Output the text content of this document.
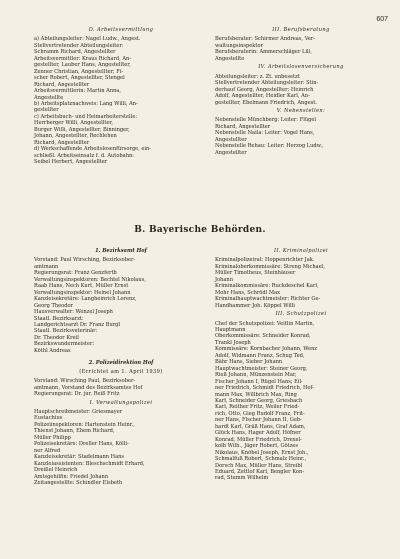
607
D. Arbeitsvermittlung
a) Abteilungsleiter: Nagel Ludw., Angest.
Stellvertretender Abteilungsleiter:
Schramm Richard, Angestellter
Arbeitsvermittler: Kraus Richard, An-
gestellter, Lauber Hans, Angestellter,
Zenner Christian, Angestellter; Fi-
scher Robert, Angestellter, Stengel
Richard, Angestellter
Arbeitsvermittlerin: Martin Anna,
Angestellte
b) Arbeitsplatznachweis: Lang Willi, An-
gestellter
c) Arbeitsbuch- und Heimarbeiterstelle:
Herrberger Willi, Angestellter,
Burger Willi, Angestellter, Binninger,
Johann, Angestellter, Rechlehen
Richard, Angestellter
d) Werkschaffende Arbeitslosenfürsorge, ein-
schließl. Arbeitseinsatz f. d. Autobahn:
Seibel Herbert, Angestellter
III. Berufsberatung
Berufsberater: Schirmer Andreas, Ver-
waltungsinspektor
Berufsberaterin: Ammerschläger Lili,
Angestellte
IV. Arbeitslosenversicherung
Abteilungsleiter: z. Zt. unbesetzt
Stellvertretender Abteilungsleiter: Stin-
derhauf Georg, Angestellter; Heinrich
Adolf, Angestellter, Heidler Karl, An-
gestellter, Ebelmann Friedrich, Angest.
V. Nebenstellen:
Nebenstelle Münchberg: Leiter: Flügel
Richard, Angestellter
Nebenstelle Naila: Leiter: Vogel Hans,
Angestellter
Nebenstelle Rehau: Leiter: Herzog Ludw.,
Angestellter
B. Bayerische Behörden.
1. Bezirksamt Hof
Vorstand: Paul Wirsching, Bezirksober-
amtmann
Regierungsrat: Franz Genzferth
Verwaltungsinspektoren: Bechtel Nikolaus,
Raab Hans, Nech Kurt, Müller Ernst
Verwaltungsinspektor: Heinel Johann
Kanzleisekretäre: Langheinrich Lorenz,
Georg Theodor
Hausverwalter: Wenzel Joseph
Staatl. Bezirksarzt:
Landgerichtsarzt Dr. Franz Burgl
Staatl. Bezirksveterinär:
Dr. Theodor Kreil
Bezirkswundermeister:
Köthl Andreas
2. Polizeidirektion Hof
(Errichtet am 1. April 1939)
Vorstand: Wirsching Paul, Bezirksober-
amtmann, Vorstand des Bezirksamtes Hof
Regierungsrat: Dr. jur. Reiß Fritz
I. Verwaltungspolizei
Hauptschreibmeister: Griesmayer
Eustachius
Polizeiinspektoren: Hartenstein Heinr.,
Thienst Johann, Ehem Richard,
Müller Philipp
Polizeisekretäre: Dreller Hans, Kölli-
ner Alfred
Kanzleisekretär: Stadelmann Hans
Kanzleiassistenten: Bleschschmidt Erhard,
Dreißel Heinrich
Amtsgehilfin: Friedel Johann
Zeitangestellte: Schindler Elsbeth
II. Kriminalpolizei
Kriminalpolizeirat: Hoppenrichter Jak.
Kriminaloberkommissäre: Streng Michael,
Müller Timotheus, Steinhäuser
Johann
Kriminalkommissäre: Ruckdeschel Karl,
Mohr Hans, Schrödl Max
Kriminalhauptwachtmeister: Richter Ge-
Handhammer Joh. Köppel Willi
III. Schutzpolizei
Chef der Schutzpolizei: Veitlin Martin,
Hauptmann
Oberkommissäre: Schneider Konrad,
Trankl Joseph
Kommissäre: Kornbacher Johann, Wenz
Adolf, Widmann Franz, Schug Ted,
Bähr Hans, Sieber Johann
Hauptwachtmeister: Steiner Georg,
Rieß Johann, Münzenstein Mar,
Fischer Johann I, Rügel Hans; Eil-
ner Friedrich, Schmidt Friedrich, Hof-
mann Max, Willbrich Max, Ring
Karl, Schneider Georg, Griesbach
Karl, Reither Fritz, Weiler Fried-
rich, Otto, Gieg Rudolf Franz, Frit-
ner Hans, Fischer Johann II, Geb-
hardt Karl, Gräß Hans, Graf Adam,
Glück Hans, Hager Adolf, Höfner
Konrad, Müller Friedrich, Drexel-
kolb Wilh., Jäger Robert, Götzes
Nikolaus, Knöbel Joseph, Ernst Joh.,
Schmalfuß Robert, Schmalz Heinr.,
Dorsch Max, Müller Hans, Streibl
Eduard, Zettlof Karl, Bengler Kon-
rad, Stumm Wilhelm
